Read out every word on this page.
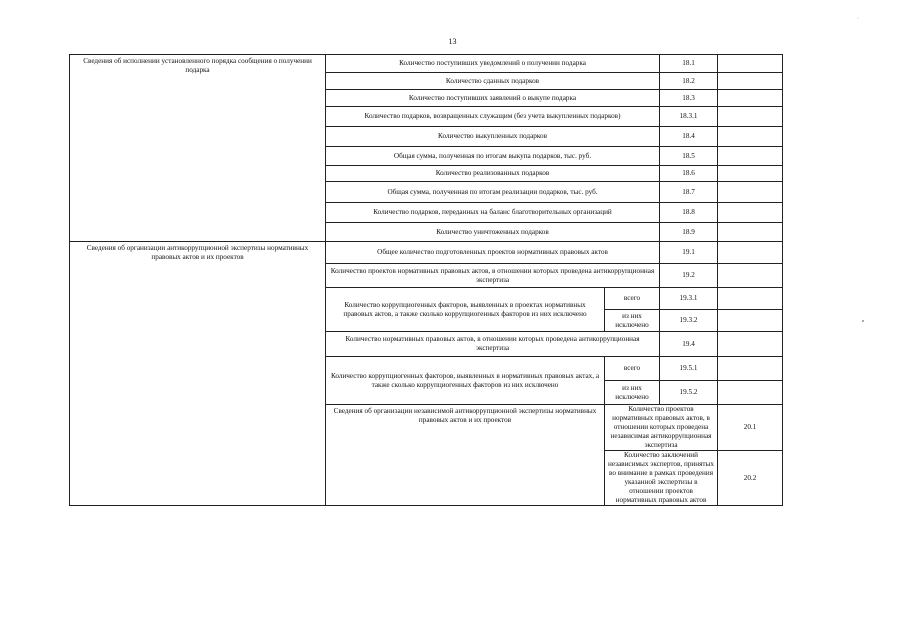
13
·
Сведения об исполнении установленного порядка сообщения о получении подарка	Количество поступивших уведомлений о получении подарка		18.1		
	Количество сданных подарков		18.2		
	Количество поступивших заявлений о выкупе подарка		18.3		
	Количество подарков, возвращенных служащим (без учета выкупленных подарков)		18.3.1		
	Количество выкупленных подарков		18.4		
	Общая сумма, полученная по итогам выкупа подарков, тыс. руб.		18.5		
	Количество реализованных подарков		18.6		
	Общая сумма, полученная по итогам реализации подарков, тыс. руб.		18.7		
	Количество подарков, переданных на баланс благотворительных организаций		18.8		
	Количество уничтоженных подарков		18.9		
Сведения об организации антикоррупционной экспертизы нормативных правовых актов и их проектов	Общее количество подготовленных проектов нормативных правовых актов		19.1		
	Количество проектов нормативных правовых актов, в отношении которых проведена антикоррупционная экспертиза		19.2		
	Количество коррупциогенных факторов, выявленных в проектах нормативных правовых актов, а также сколько коррупциогенных факторов из них исключено	всего	19.3.1		
		из них исключено	19.3.2		
	Количество нормативных правовых актов, в отношении которых проведена антикоррупционная экспертиза		19.4		
	Количество коррупциогенных факторов, выявленных в нормативных правовых актах, а также сколько коррупциогенных факторов из них исключено	всего	19.5.1		
		из них исключено	19.5.2		
	Сведения об организации независимой антикоррупционной экспертизы нормативных правовых актов и их проектов	Количество проектов нормативных правовых актов, в отношении которых проведена независимая антикоррупционная экспертиза		20.1	
		Количество заключений независимых экспертов, принятых во внимание в рамках проведения указанной экспертизы в отношении проектов нормативных правовых актов		20.2	
